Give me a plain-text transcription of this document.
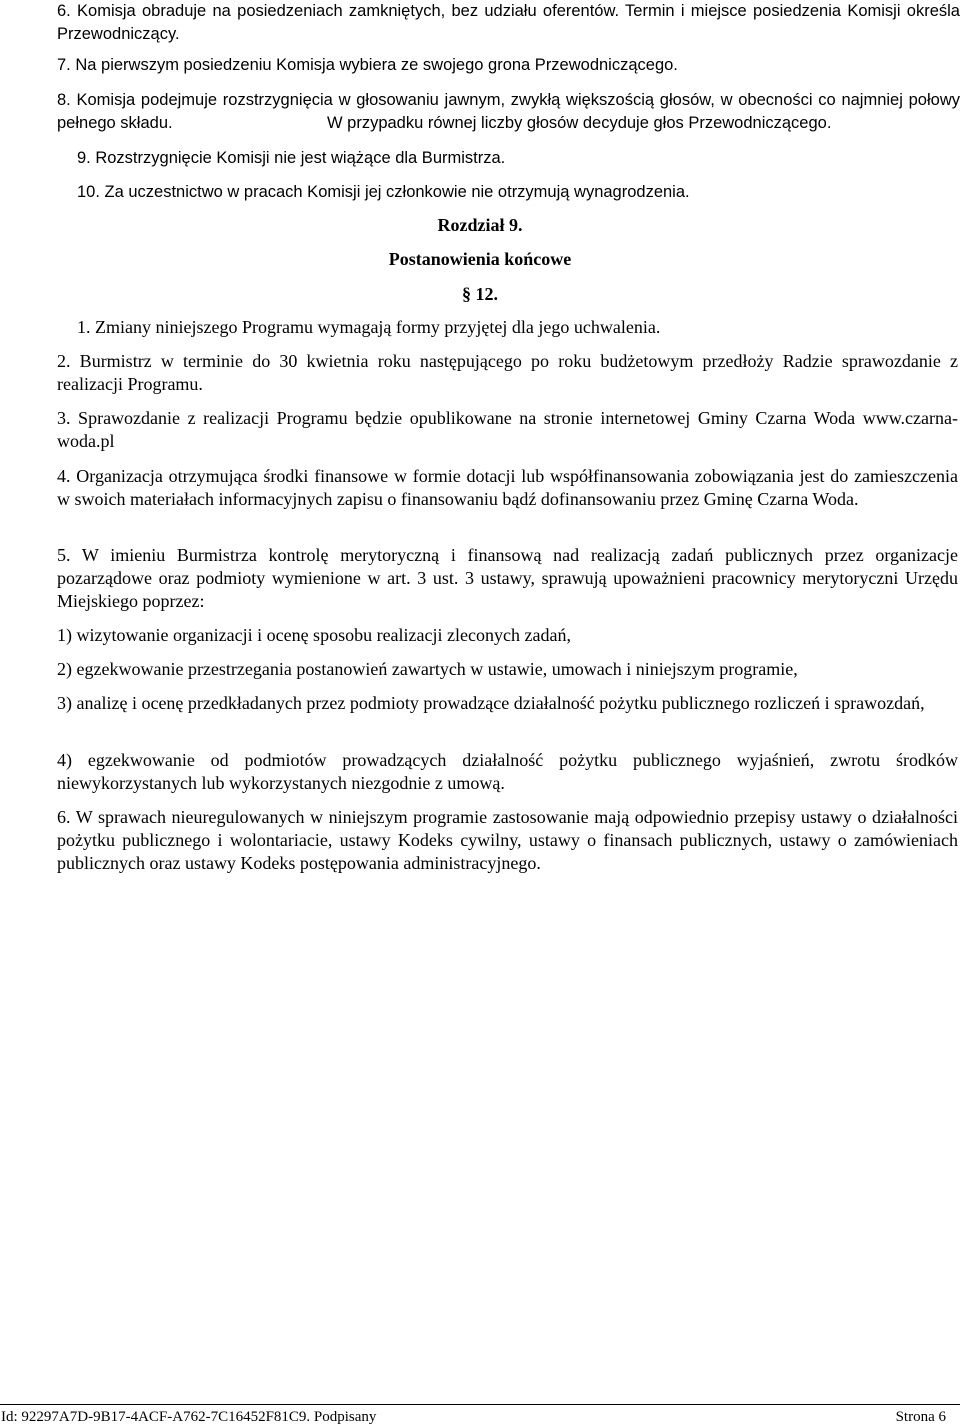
6. Komisja obraduje na posiedzeniach zamkniętych, bez udziału oferentów. Termin i miejsce posiedzenia Komisji określa Przewodniczący.
7. Na pierwszym posiedzeniu Komisja wybiera ze swojego grona Przewodniczącego.
8. Komisja podejmuje rozstrzygnięcia w głosowaniu jawnym, zwykłą większością głosów, w obecności co najmniej połowy pełnego składu.	W przypadku równej liczby głosów decyduje głos Przewodniczącego.
9. Rozstrzygnięcie Komisji nie jest wiążące dla Burmistrza.
10. Za uczestnictwo w pracach Komisji jej członkowie nie otrzymują wynagrodzenia.
Rozdział 9.
Postanowienia końcowe
§ 12.
1. Zmiany niniejszego Programu wymagają formy przyjętej dla jego uchwalenia.
2. Burmistrz w terminie do 30 kwietnia roku następującego po roku budżetowym przedłoży Radzie sprawozdanie z realizacji Programu.
3. Sprawozdanie z realizacji Programu będzie opublikowane na stronie internetowej Gminy Czarna Woda www.czarna-woda.pl
4. Organizacja otrzymująca środki finansowe w formie dotacji lub współfinansowania zobowiązania jest do zamieszczenia w swoich materiałach informacyjnych zapisu o finansowaniu bądź dofinansowaniu przez Gminę Czarna Woda.
5. W imieniu Burmistrza kontrolę merytoryczną i finansową nad realizacją zadań publicznych przez organizacje pozarządowe oraz podmioty wymienione w art. 3 ust. 3 ustawy, sprawują upoważnieni pracownicy merytoryczni Urzędu Miejskiego poprzez:
1) wizytowanie organizacji i ocenę sposobu realizacji zleconych zadań,
2) egzekwowanie przestrzegania postanowień zawartych w ustawie, umowach i niniejszym programie,
3) analizę i ocenę przedkładanych przez podmioty prowadzące działalność pożytku publicznego rozliczeń i sprawozdań,
4) egzekwowanie od podmiotów prowadzących działalność pożytku publicznego wyjaśnień, zwrotu środków niewykorzystanych lub wykorzystanych niezgodnie z umową.
6. W sprawach nieuregulowanych w niniejszym programie zastosowanie mają odpowiednio przepisy ustawy o działalności pożytku publicznego i wolontariacie, ustawy Kodeks cywilny, ustawy o finansach publicznych, ustawy o zamówieniach publicznych oraz ustawy Kodeks postępowania administracyjnego.
Id: 92297A7D-9B17-4ACF-A762-7C16452F81C9. Podpisany	Strona 6
